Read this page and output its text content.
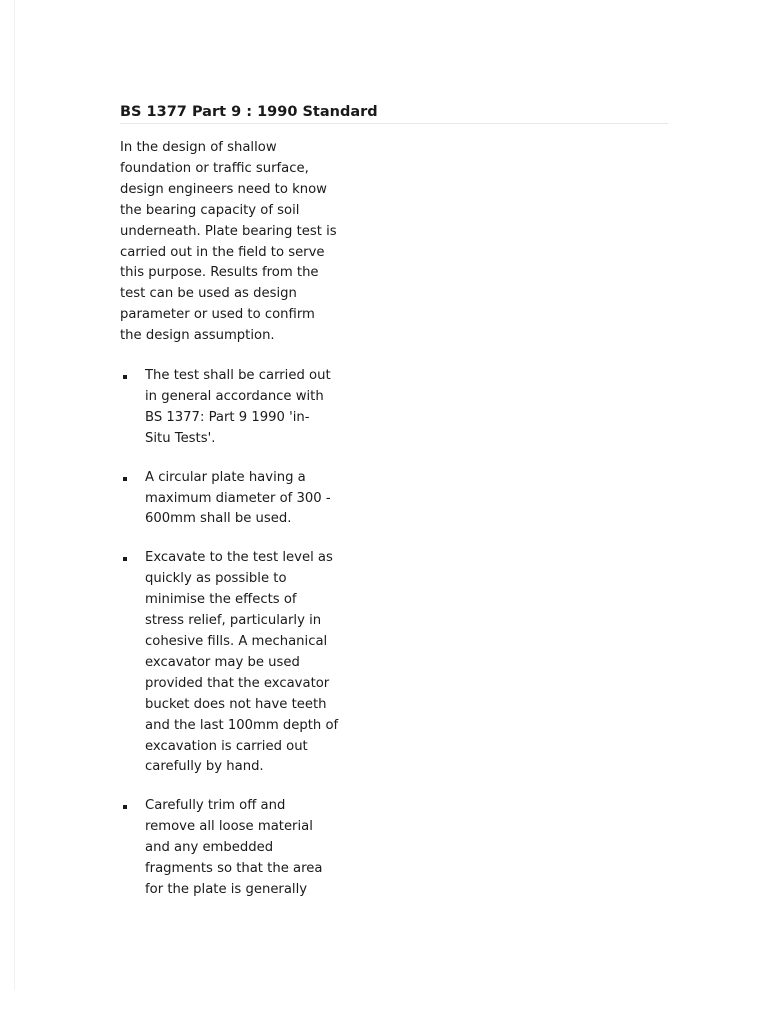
BS 1377 Part 9 : 1990 Standard

In the design of shallow
foundation or traffic surface,
design engineers need to know
the bearing capacity of soil
underneath. Plate bearing test is
carried out in the field to serve
this purpose. Results from the
test can be used as design
parameter or used to confirm
the design assumption.

The test shall be carried out
in general accordance with
BS 1377: Part 9 1990 'in-
Situ Tests'.
A circular plate having a
maximum diameter of 300 -
600mm shall be used.
Excavate to the test level as
quickly as possible to
minimise the effects of
stress relief, particularly in
cohesive fills. A mechanical
excavator may be used
provided that the excavator
bucket does not have teeth
and the last 100mm depth of
excavation is carried out
carefully by hand.
Carefully trim off and
remove all loose material
and any embedded
fragments so that the area
for the plate is generally
